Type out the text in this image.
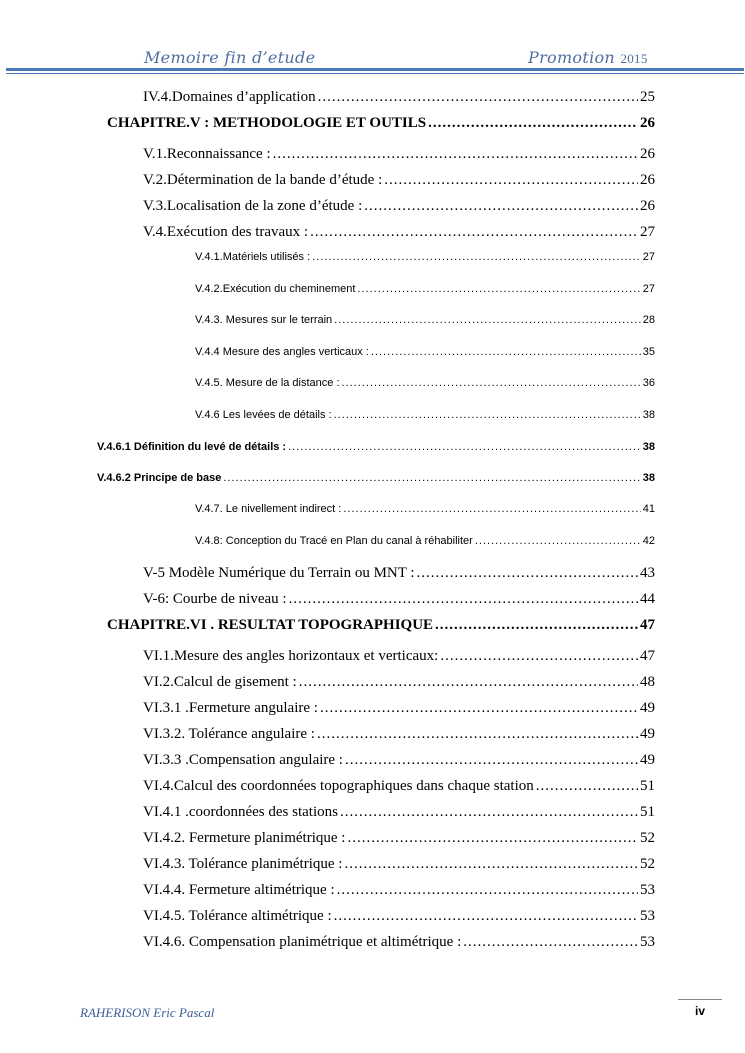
Memoire fin d’etude	Promotion 2015
IV.4.Domaines d’application .....	25
CHAPITRE.V : METHODOLOGIE ET OUTILS .....	26
V.1.Reconnaissance : .....	26
V.2.Détermination de la bande d’étude : .....	26
V.3.Localisation de la zone d’étude : .....	26
V.4.Exécution des travaux : .....	27
V.4.1.Matériels utilisés : .....	27
V.4.2.Exécution du cheminement .....	27
V.4.3. Mesures sur le terrain .....	28
V.4.4 Mesure des angles verticaux : .....	35
V.4.5. Mesure de la distance : .....	36
V.4.6 Les levées de détails : .....	38
V.4.6.1 Définition du levé de détails : .....	38
V.4.6.2 Principe de base .....	38
V.4.7. Le nivellement indirect : .....	41
V.4.8: Conception du Tracé en Plan du canal à réhabiliter .....	42
V-5 Modèle Numérique du Terrain ou MNT : .....	43
V-6: Courbe de niveau : .....	44
CHAPITRE.VI . RESULTAT TOPOGRAPHIQUE .....	47
VI.1.Mesure des angles horizontaux et verticaux: .....	47
VI.2.Calcul de gisement : .....	48
VI.3.1 .Fermeture angulaire : .....	49
VI.3.2. Tolérance angulaire : .....	49
VI.3.3 .Compensation angulaire : .....	49
VI.4.Calcul des coordonnées topographiques dans chaque station .....	51
VI.4.1 .coordonnées des stations .....	51
VI.4.2. Fermeture planimétrique : .....	52
VI.4.3. Tolérance planimétrique : .....	52
VI.4.4. Fermeture altimétrique : .....	53
VI.4.5. Tolérance altimétrique : .....	53
VI.4.6. Compensation planimétrique et altimétrique : .....	53
RAHERISON Eric Pascal	iv
